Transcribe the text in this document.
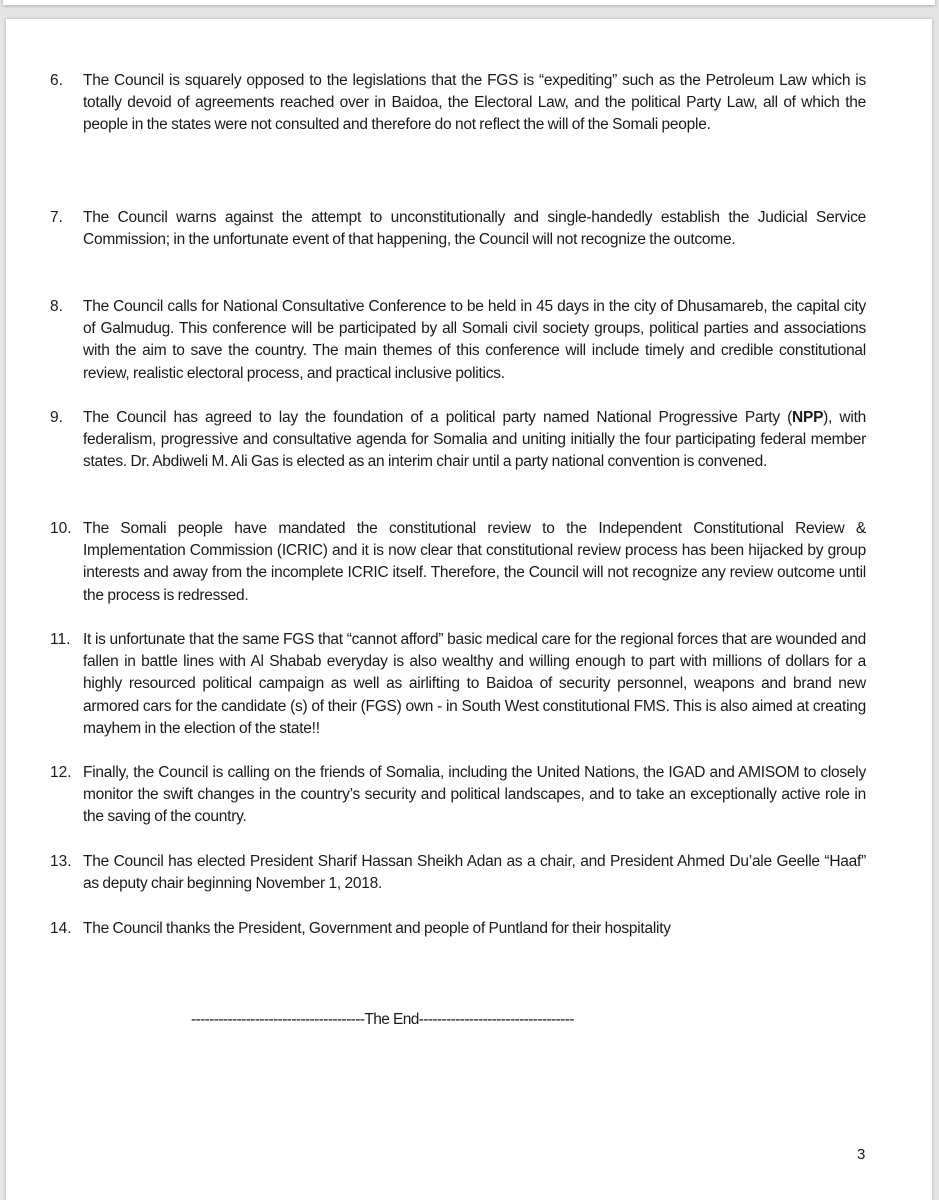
6. The Council is squarely opposed to the legislations that the FGS is “expediting” such as the Petroleum Law which is totally devoid of agreements reached over in Baidoa, the Electoral Law, and the political Party Law, all of which the people in the states were not consulted and therefore do not reflect the will of the Somali people.
7. The Council warns against the attempt to unconstitutionally and single-handedly establish the Judicial Service Commission; in the unfortunate event of that happening, the Council will not recognize the outcome.
8. The Council calls for National Consultative Conference to be held in 45 days in the city of Dhusamareb, the capital city of Galmudug. This conference will be participated by all Somali civil society groups, political parties and associations with the aim to save the country. The main themes of this conference will include timely and credible constitutional review, realistic electoral process, and practical inclusive politics.
9. The Council has agreed to lay the foundation of a political party named National Progressive Party (NPP), with federalism, progressive and consultative agenda for Somalia and uniting initially the four participating federal member states. Dr. Abdiweli M. Ali Gas is elected as an interim chair until a party national convention is convened.
10. The Somali people have mandated the constitutional review to the Independent Constitutional Review & Implementation Commission (ICRIC) and it is now clear that constitutional review process has been hijacked by group interests and away from the incomplete ICRIC itself. Therefore, the Council will not recognize any review outcome until the process is redressed.
11. It is unfortunate that the same FGS that “cannot afford” basic medical care for the regional forces that are wounded and fallen in battle lines with Al Shabab everyday is also wealthy and willing enough to part with millions of dollars for a highly resourced political campaign as well as airlifting to Baidoa of security personnel, weapons and brand new armored cars for the candidate (s) of their (FGS) own - in South West constitutional FMS. This is also aimed at creating mayhem in the election of the state!!
12. Finally, the Council is calling on the friends of Somalia, including the United Nations, the IGAD and AMISOM to closely monitor the swift changes in the country’s security and political landscapes, and to take an exceptionally active role in the saving of the country.
13. The Council has elected President Sharif Hassan Sheikh Adan as a chair, and President Ahmed Du’ale Geelle “Haaf” as deputy chair beginning November 1, 2018.
14. The Council thanks the President, Government and people of Puntland for their hospitality
--------------------------------------The End----------------------------------
3
